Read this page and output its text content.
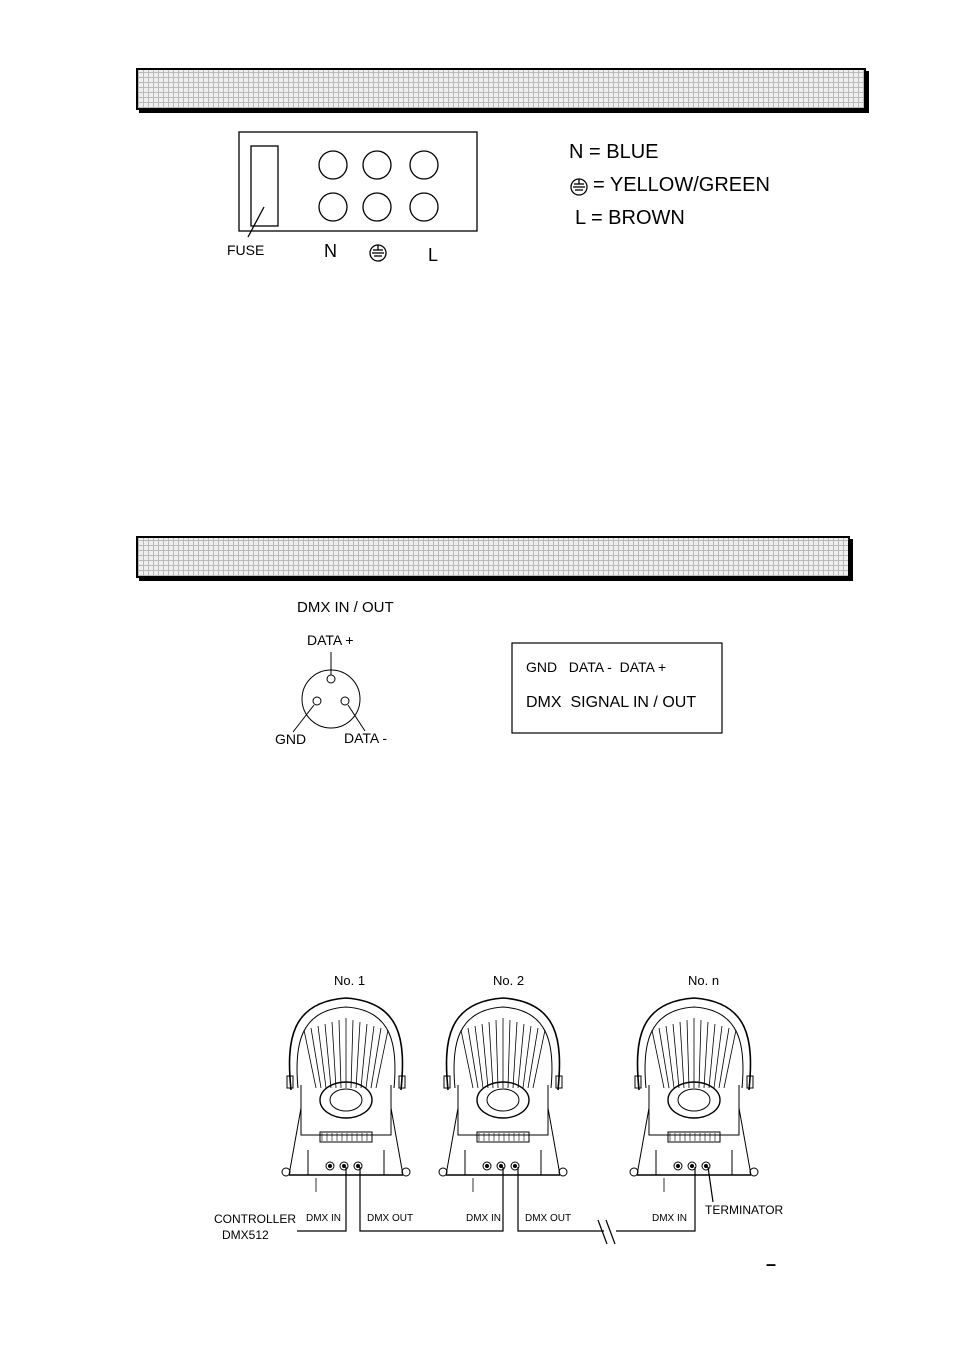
FUSE	N	L
N = BLUE
= YELLOW/GREEN
L = BROWN
DMX IN / OUT
DATA +
GND	DATA -
GND   DATA -  DATA +
DMX  SIGNAL IN / OUT
No. 1	No. 2	No. n
CONTROLLER
DMX512
DMX IN	DMX OUT	DMX IN DMX OUT	DMX IN
TERMINATOR
–
